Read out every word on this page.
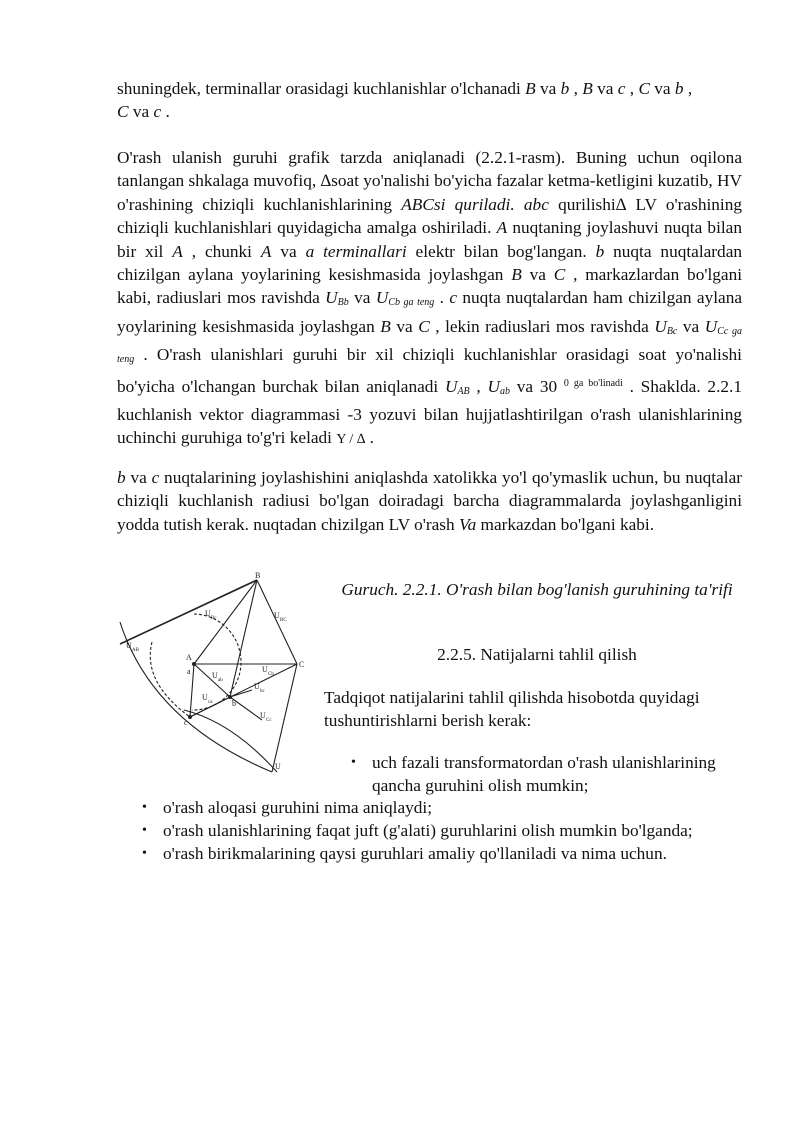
shuningdek, terminallar orasidagi kuchlanishlar o'lchanadi B va b , B va c , C va b ,
C va c .

O'rash ulanish guruhi grafik tarzda aniqlanadi (2.2.1-rasm). Buning uchun oqilona tanlangan shkalaga muvofiq, ∆soat yo'nalishi bo'yicha fazalar ketma-ketligini kuzatib, HV o'rashining chiziqli kuchlanishlarining ABCsi quriladi. abc qurilishi∆ LV o'rashining chiziqli kuchlanishlari quyidagicha amalga oshiriladi. A nuqtaning joylashuvi nuqta bilan bir xil A , chunki A va a terminallari elektr bilan bog'langan. b nuqta nuqtalardan chizilgan aylana yoylarining kesishmasida joylashgan B va C , markazlardan bo'lgani kabi, radiuslari mos ravishda $U_{Bb}$ va $U_{Cb ga teng}$ . c nuqta nuqtalardan ham chizilgan aylana yoylarining kesishmasida joylashgan B va C , lekin radiuslari mos ravishda $U_{Bc}$ va $U_{Cc ga teng}$ . O'rash ulanishlari guruhi bir xil chiziqli kuchlanishlar orasidagi soat yo'nalishi bo'yicha o'lchangan burchak bilan aniqlanadi $U_{AB}$ , $U_{ab}$ va 30 $^{0 ga bo'linadi}$ . Shaklda. 2.2.1 kuchlanish vektor diagrammasi -3 yozuvi bilan hujjatlashtirilgan o'rash ulanishlarining uchinchi guruhiga to'g'ri keladi Y / ∆ .

b va c nuqtalarining joylashishini aniqlashda xatolikka yo'l qo'ymaslik uchun, bu nuqtalar chiziqli kuchlanish radiusi bo'lgan doiradagi barcha diagrammalarda joylashganligini yodda tutish kerak. nuqtadan chizilgan LV o'rash Va markazdan bo'lgani kabi.

B
A
C
a
b
c
U
Bc	U
BC
U
AB
U
ab
U
Cb
U
bc
U
ca
U
Cc
U

Guruch. 2.2.1. O'rash bilan bog'lanish guruhining ta'rifi

2.2.5. Natijalarni tahlil qilish

Tadqiqot natijalarini tahlil qilishda hisobotda quyidagi tushuntirishlarni berish kerak:

• uch fazali transformatordan o'rash ulanishlarining qancha guruhini olish mumkin;

• o'rash aloqasi guruhini nima aniqlaydi;

• o'rash ulanishlarining faqat juft (g'alati) guruhlarini olish mumkin bo'lganda;

• o'rash birikmalarining qaysi guruhlari amaliy qo'llaniladi va nima uchun.
